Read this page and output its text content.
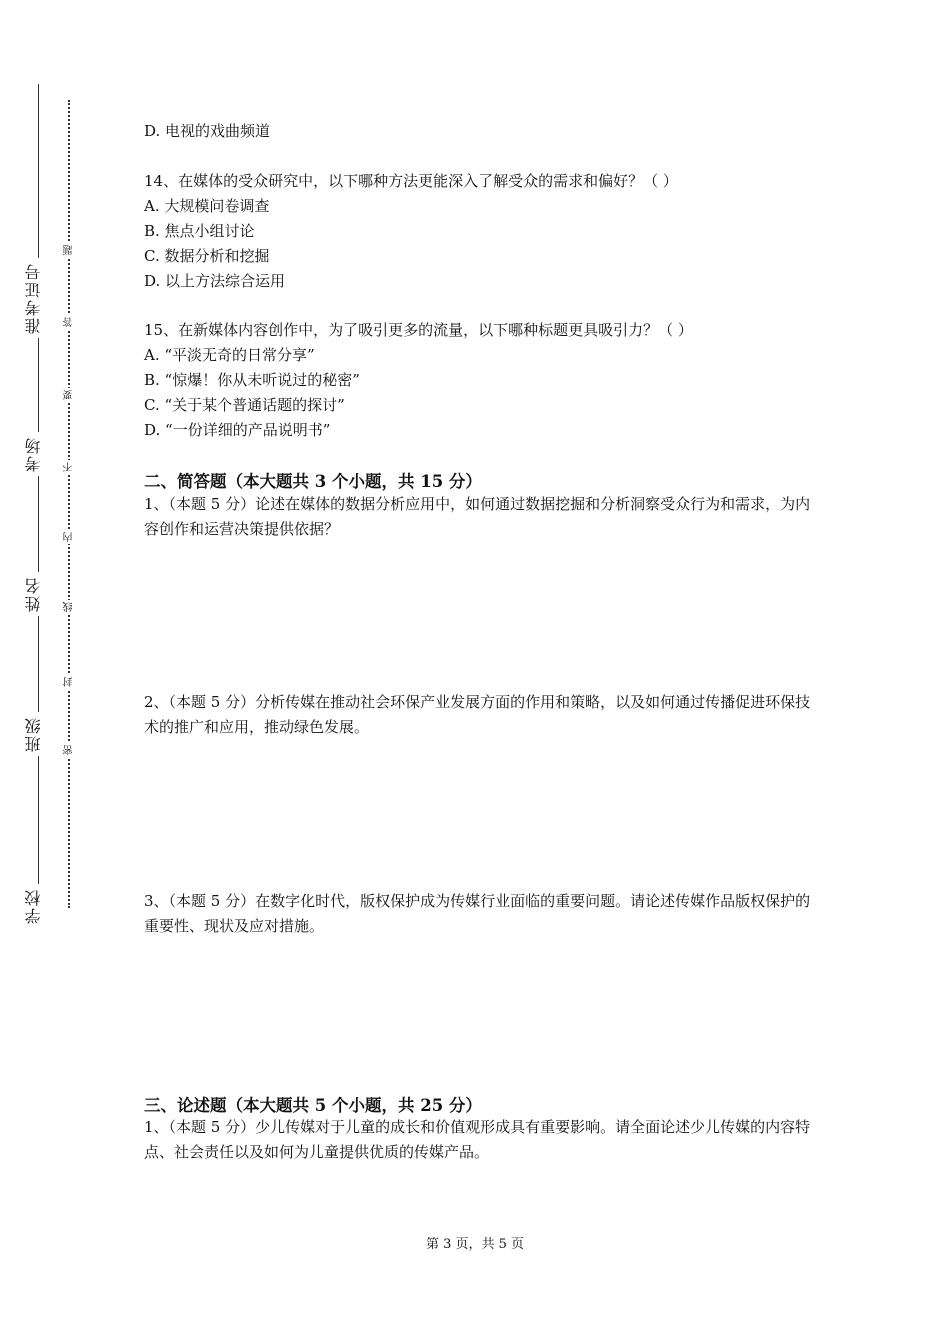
准考证号
考场
姓名
班级
学校
题
答
要
不
内
线
封
密
D. 电视的戏曲频道
14、在媒体的受众研究中，以下哪种方法更能深入了解受众的需求和偏好？（ ）
A. 大规模问卷调查
B. 焦点小组讨论
C. 数据分析和挖掘
D. 以上方法综合运用
15、在新媒体内容创作中，为了吸引更多的流量，以下哪种标题更具吸引力？（ ）
A. “平淡无奇的日常分享”
B. “惊爆！你从未听说过的秘密”
C. “关于某个普通话题的探讨”
D. “一份详细的产品说明书”
二、简答题（本大题共 3 个小题，共 15 分）
1、（本题 5 分）论述在媒体的数据分析应用中，如何通过数据挖掘和分析洞察受众行为和需求，为内容创作和运营决策提供依据？
2、（本题 5 分）分析传媒在推动社会环保产业发展方面的作用和策略，以及如何通过传播促进环保技术的推广和应用，推动绿色发展。
3、（本题 5 分）在数字化时代，版权保护成为传媒行业面临的重要问题。请论述传媒作品版权保护的重要性、现状及应对措施。
三、论述题（本大题共 5 个小题，共 25 分）
1、（本题 5 分）少儿传媒对于儿童的成长和价值观形成具有重要影响。请全面论述少儿传媒的内容特点、社会责任以及如何为儿童提供优质的传媒产品。
第 3 页，共 5 页
